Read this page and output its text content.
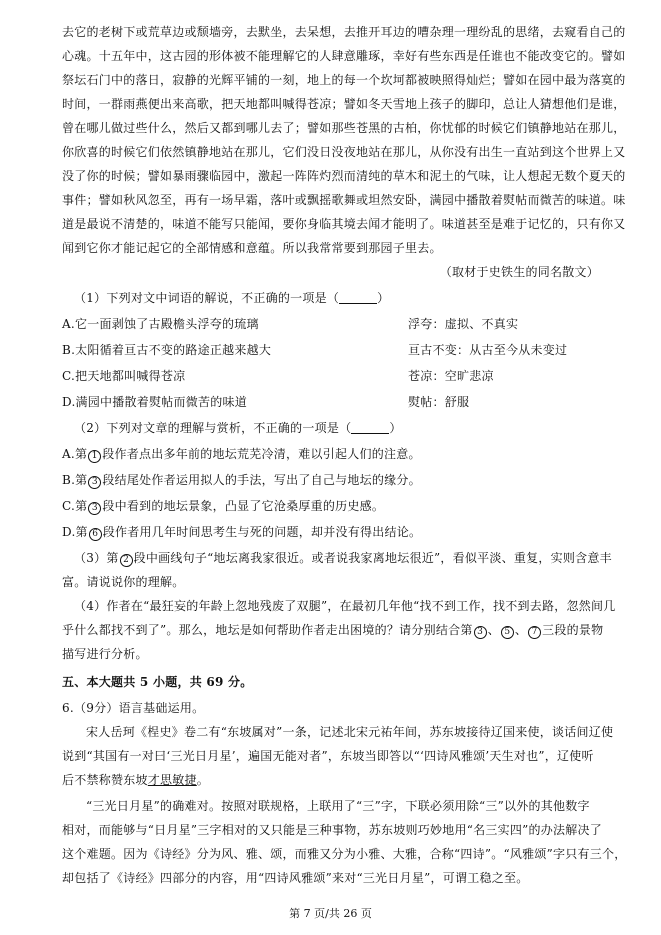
去它的老树下或荒草边或颓墙旁，去默坐，去呆想，去推开耳边的嘈杂理一理纷乱的思绪，去窥看自己的
心魂。十五年中，这古园的形体被不能理解它的人肆意雕琢，幸好有些东西是任谁也不能改变它的。譬如
祭坛石门中的落日，寂静的光辉平铺的一刻，地上的每一个坎坷都被映照得灿烂；譬如在园中最为落寞的
时间，一群雨燕便出来高歌，把天地都叫喊得苍凉；譬如冬天雪地上孩子的脚印，总让人猜想他们是谁，
曾在哪儿做过些什么，然后又都到哪儿去了；譬如那些苍黑的古柏，你忧郁的时候它们镇静地站在那儿，
你欣喜的时候它们依然镇静地站在那儿，它们没日没夜地站在那儿，从你没有出生一直站到这个世界上又
没了你的时候；譬如暴雨骤临园中，激起一阵阵灼烈而清纯的草木和泥土的气味，让人想起无数个夏天的
事件；譬如秋风忽至，再有一场早霜，落叶或飘摇歌舞或坦然安卧，满园中播散着熨帖而微苦的味道。味
道是最说不清楚的，味道不能写只能闻，要你身临其境去闻才能明了。味道甚至是难于记忆的，只有你又
闻到它你才能记起它的全部情感和意蕴。所以我常常要到那园子里去。
（取材于史铁生的同名散文）
（1）下列对文中词语的解说，不正确的一项是（	）
A.它一面剥蚀了古殿檐头浮夸的琉璃	浮夸：虚拟、不真实
B.太阳循着亘古不变的路途正越来越大	亘古不变：从古至今从未变过
C.把天地都叫喊得苍凉	苍凉：空旷悲凉
D.满园中播散着熨帖而微苦的味道	熨帖：舒服
（2）下列对文章的理解与赏析，不正确的一项是（	）
A.第 1 段作者点出多年前的地坛荒芜冷清，难以引起人们的注意。
B.第 3 段结尾处作者运用拟人的手法，写出了自己与地坛的缘分。
C.第 3 段中看到的地坛景象，凸显了它沧桑厚重的历史感。
D.第 6 段作者用几年时间思考生与死的问题，却并没有得出结论。
（3）第 2 段中画线句子“地坛离我家很近。或者说我家离地坛很近”，看似平淡、重复，实则含意丰
富。请说说你的理解。
（4）作者在“最狂妄的年龄上忽地残废了双腿”，在最初几年他“找不到工作，找不到去路，忽然间几
乎什么都找不到了”。那么，地坛是如何帮助作者走出困境的？请分别结合第 3 、 5 、 7 三段的景物
描写进行分析。
五、本大题共 5 小题，共 69 分。
6.（9分）语言基础运用。
宋人岳珂《桯史》卷二有“东坡属对”一条，记述北宋元祐年间，苏东坡接待辽国来使，谈话间辽使
说到“其国有一对曰‘三光日月星’，遍国无能对者”，东坡当即答以“‘四诗风雅颂’天生对也”，辽使听
后不禁称赞东坡才思敏捷。
“三光日月星”的确难对。按照对联规格，上联用了“三”字，下联必须用除“三”以外的其他数字
相对，而能够与“日月星”三字相对的又只能是三种事物，苏东坡则巧妙地用“名三实四”的办法解决了
这个难题。因为《诗经》分为风、雅、颂，而雅又分为小雅、大雅，合称“四诗”。“风雅颂”字只有三个，
却包括了《诗经》四部分的内容，用“四诗风雅颂”来对“三光日月星”，可谓工稳之至。
第 7 页/共 26 页
